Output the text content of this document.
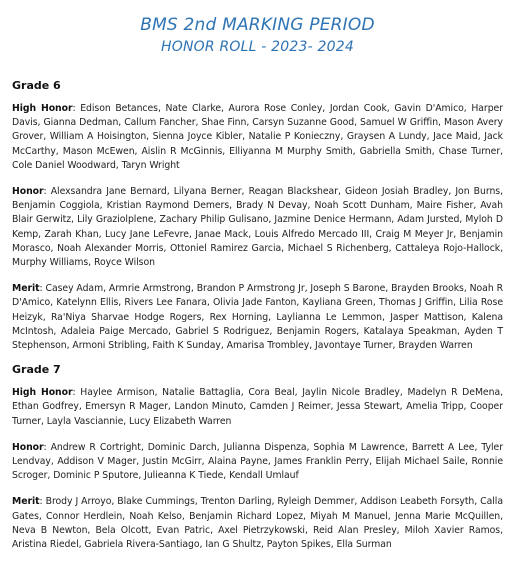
BMS 2nd MARKING PERIOD

HONOR ROLL - 2023- 2024

Grade 6

High Honor: Edison Betances, Nate Clarke, Aurora Rose Conley, Jordan Cook, Gavin D'Amico, Harper Davis, Gianna Dedman, Callum Fancher, Shae Finn, Carsyn Suzanne Good, Samuel W Griffin, Mason Avery Grover, William A Hoisington, Sienna Joyce Kibler, Natalie P Konieczny, Graysen A Lundy, Jace Maid, Jack McCarthy, Mason McEwen, Aislin R McGinnis, Elliyanna M Murphy Smith, Gabriella Smith, Chase Turner, Cole Daniel Woodward, Taryn Wright

Honor: Alexsandra Jane Bernard, Lilyana Berner, Reagan Blackshear, Gideon Josiah Bradley, Jon Burns, Benjamin Coggiola, Kristian Raymond Demers, Brady N Devay, Noah Scott Dunham, Maire Fisher, Avah Blair Gerwitz, Lily Graziolplene, Zachary Philip Gulisano, Jazmine Denice Hermann, Adam Jursted, Myloh D Kemp, Zarah Khan, Lucy Jane LeFevre, Janae Mack, Louis Alfredo Mercado III, Craig M Meyer Jr, Benjamin Morasco, Noah Alexander Morris, Ottoniel Ramirez Garcia, Michael S Richenberg, Cattaleya Rojo-Hallock, Murphy Williams, Royce Wilson

Merit: Casey Adam, Armrie Armstrong, Brandon P Armstrong Jr, Joseph S Barone, Brayden Brooks, Noah R D'Amico, Katelynn Ellis, Rivers Lee Fanara, Olivia Jade Fanton, Kayliana Green, Thomas J Griffin, Lilia Rose Heizyk, Ra'Niya Sharvae Hodge Rogers, Rex Horning, Laylianna Le Lemmon, Jasper Mattison, Kalena McIntosh, Adaleia Paige Mercado, Gabriel S Rodriguez, Benjamin Rogers, Katalaya Speakman, Ayden T Stephenson, Armoni Stribling, Faith K Sunday, Amarisa Trombley, Javontaye Turner, Brayden Warren

Grade 7

High Honor: Haylee Armison, Natalie Battaglia, Cora Beal, Jaylin Nicole Bradley, Madelyn R DeMena, Ethan Godfrey, Emersyn R Mager, Landon Minuto, Camden J Reimer, Jessa Stewart, Amelia Tripp, Cooper Turner, Layla Vasciannie, Lucy Elizabeth Warren

Honor: Andrew R Cortright, Dominic Darch, Julianna Dispenza, Sophia M Lawrence, Barrett A Lee, Tyler Lendvay, Addison V Mager, Justin McGirr, Alaina Payne, James Franklin Perry, Elijah Michael Saile, Ronnie Scroger, Dominic P Sputore, Julieanna K Tiede, Kendall Umlauf

Merit: Brody J Arroyo, Blake Cummings, Trenton Darling, Ryleigh Demmer, Addison Leabeth Forsyth, Calla Gates, Connor Herdlein, Noah Kelso, Benjamin Richard Lopez, Miyah M Manuel, Jenna Marie McQuillen, Neva B Newton, Bela Olcott, Evan Patric, Axel Pietrzykowski, Reid Alan Presley, Miloh Xavier Ramos, Aristina Riedel, Gabriela Rivera-Santiago, Ian G Shultz, Payton Spikes, Ella Surman
